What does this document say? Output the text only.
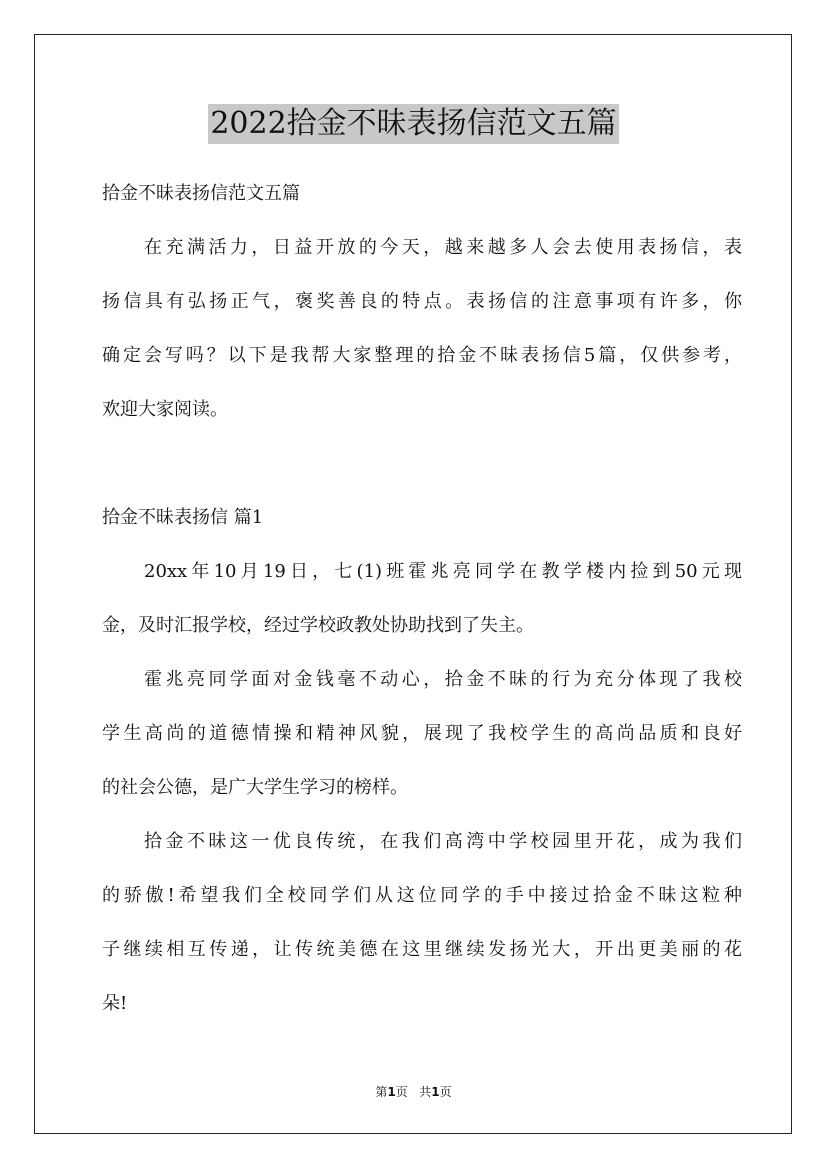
2022拾金不昧表扬信范文五篇
拾金不昧表扬信范文五篇
在充满活力，日益开放的今天，越来越多人会去使用表扬信，表
扬信具有弘扬正气，褒奖善良的特点。表扬信的注意事项有许多，你
确定会写吗？以下是我帮大家整理的拾金不昧表扬信5篇，仅供参考，
欢迎大家阅读。
拾金不昧表扬信 篇1
20xx年10月19日，七(1)班霍兆亮同学在教学楼内捡到50元现
金，及时汇报学校，经过学校政教处协助找到了失主。
霍兆亮同学面对金钱毫不动心，拾金不昧的行为充分体现了我校
学生高尚的道德情操和精神风貌，展现了我校学生的高尚品质和良好
的社会公德，是广大学生学习的榜样。
拾金不昧这一优良传统，在我们高湾中学校园里开花，成为我们
的骄傲!希望我们全校同学们从这位同学的手中接过拾金不昧这粒种
子继续相互传递，让传统美德在这里继续发扬光大，开出更美丽的花
朵!
第1页 共1页
